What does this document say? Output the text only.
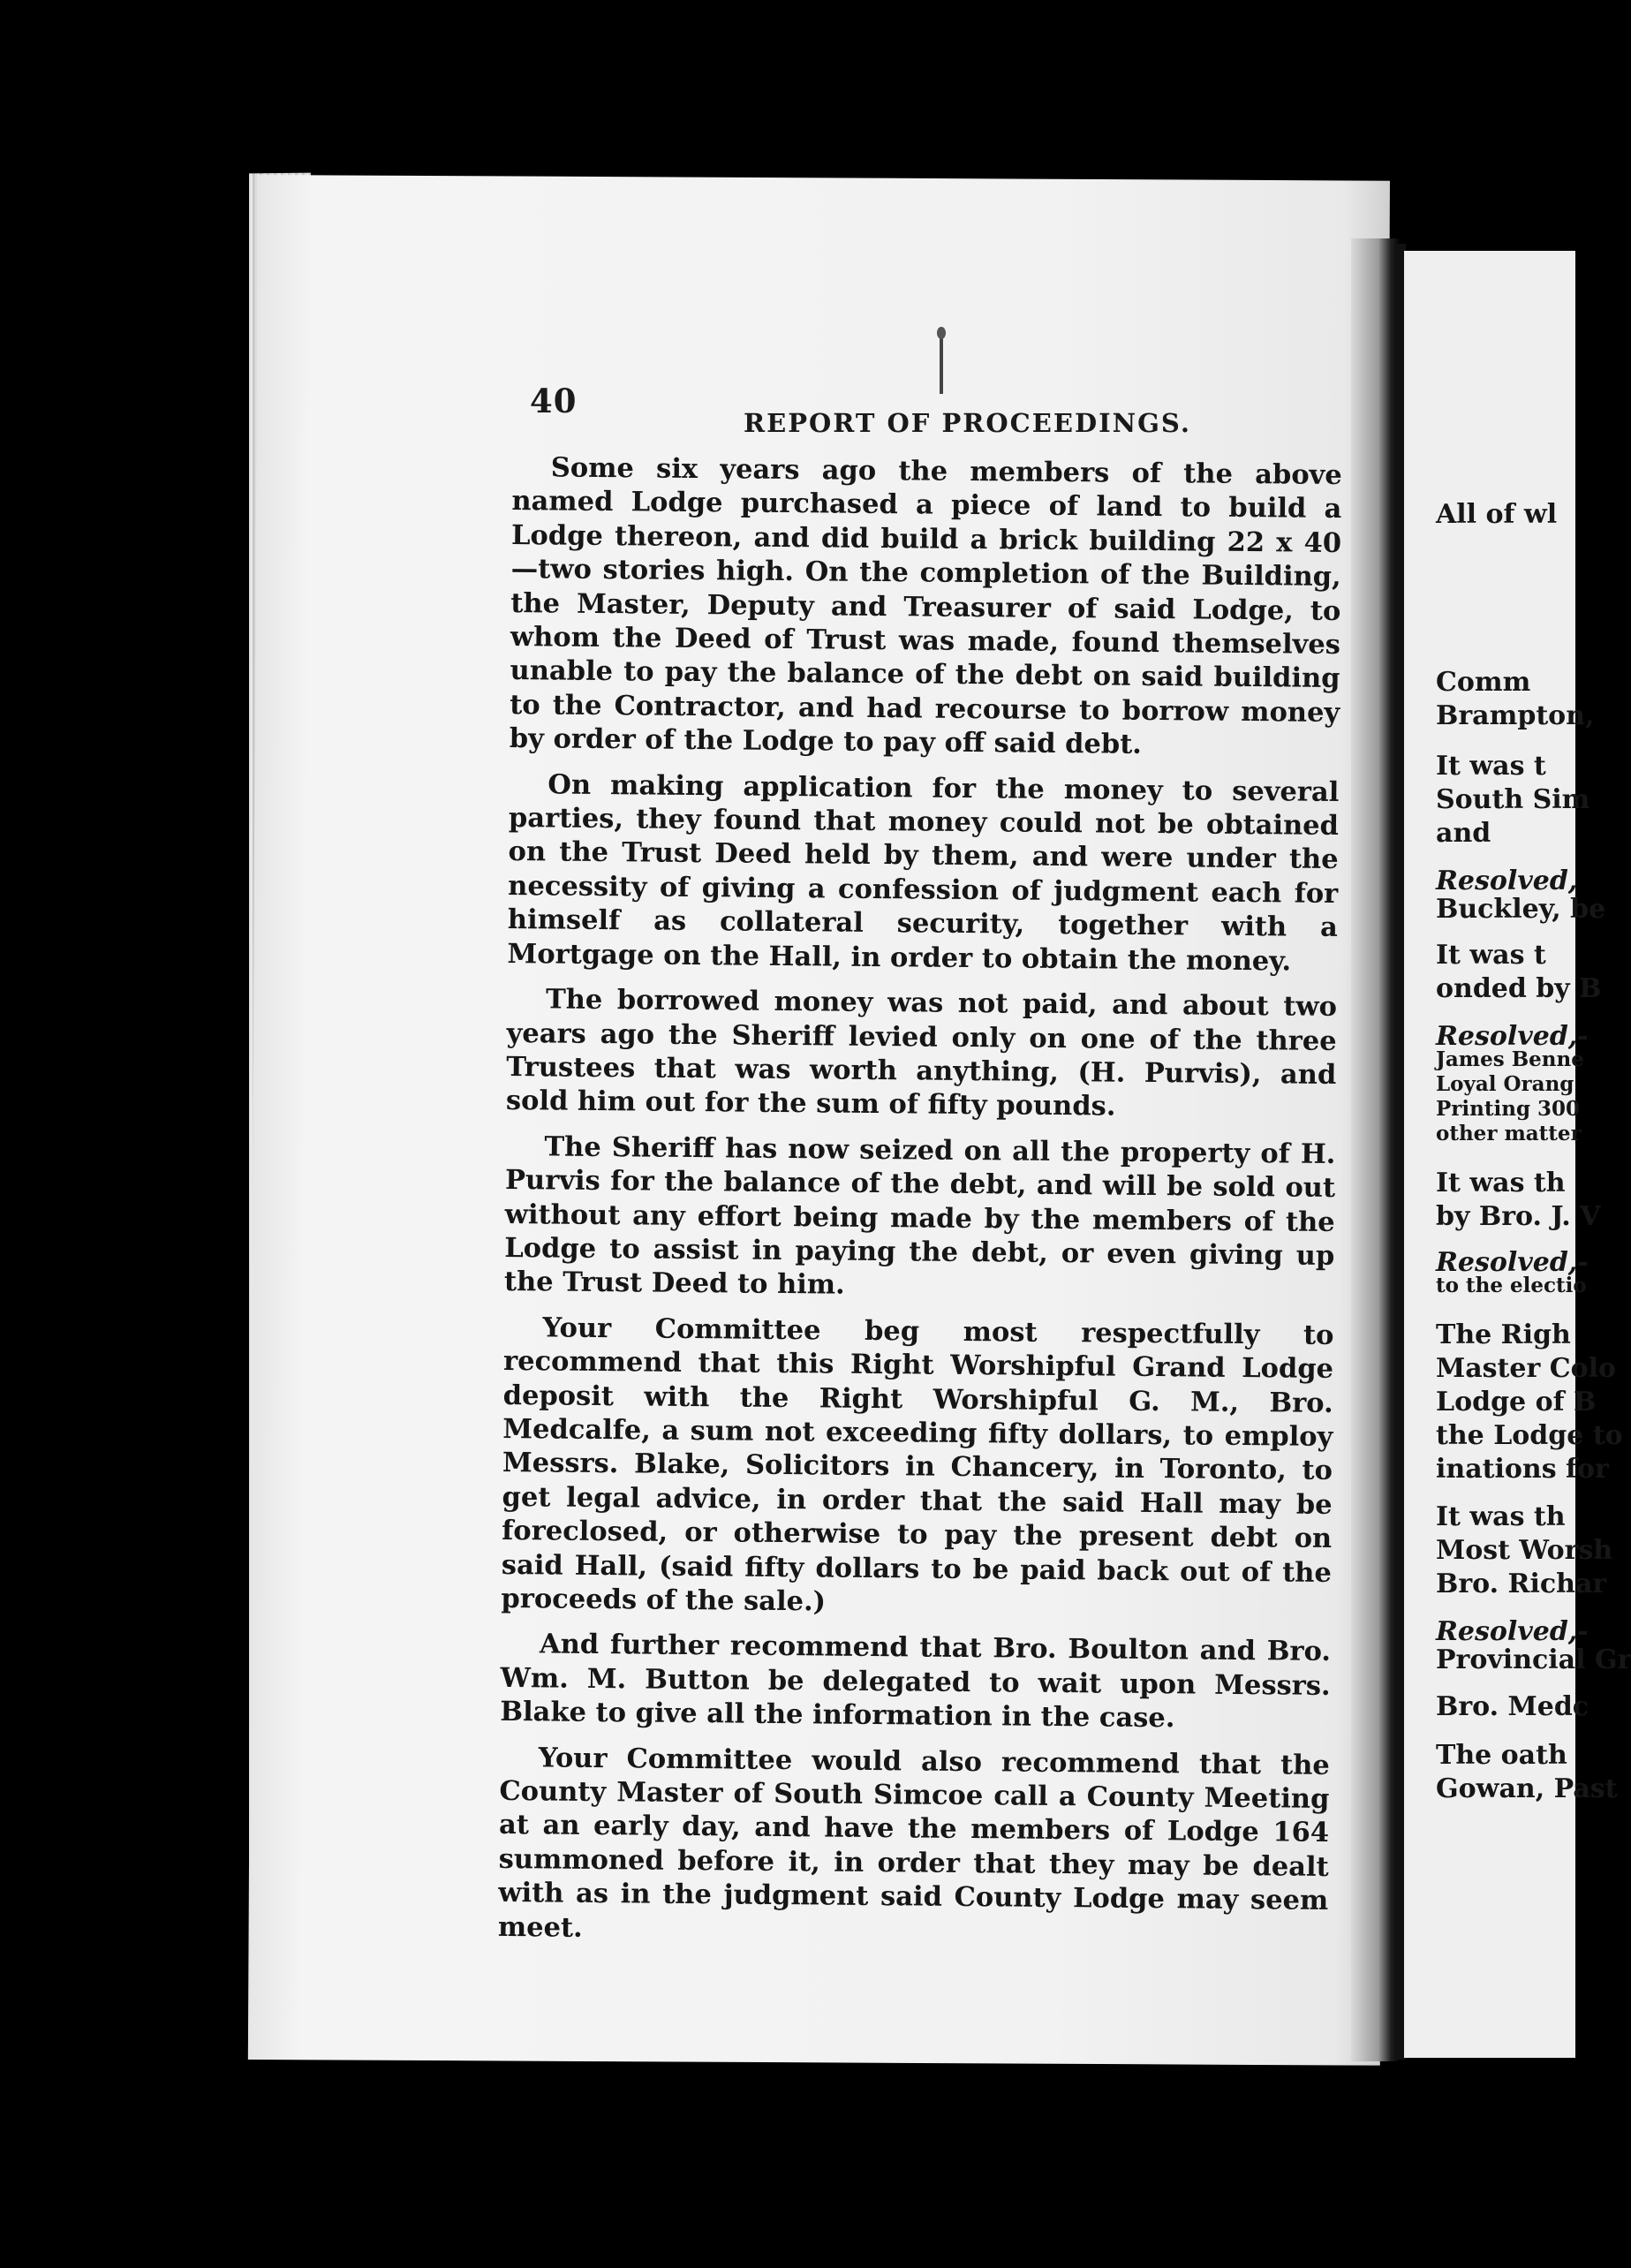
40
REPORT OF PROCEEDINGS.

Some six years ago the members of the above named Lodge purchased a piece of land to build a Lodge thereon, and did build a brick building 22 x 40—two stories high. On the completion of the Building, the Master, Deputy and Treasurer of said Lodge, to whom the Deed of Trust was made, found themselves unable to pay the balance of the debt on said building to the Contractor, and had recourse to borrow money by order of the Lodge to pay off said debt.

On making application for the money to several parties, they found that money could not be obtained on the Trust Deed held by them, and were under the necessity of giving a confession of judgment each for himself as collateral security, together with a Mortgage on the Hall, in order to obtain the money.

The borrowed money was not paid, and about two years ago the Sheriff levied only on one of the three Trustees that was worth anything, (H. Purvis), and sold him out for the sum of fifty pounds.

The Sheriff has now seized on all the property of H. Purvis for the balance of the debt, and will be sold out without any effort being made by the members of the Lodge to assist in paying the debt, or even giving up the Trust Deed to him.

Your Committee beg most respectfully to recommend that this Right Worshipful Grand Lodge deposit with the Right Worshipful G. M., Bro. Medcalfe, a sum not exceeding fifty dollars, to employ Messrs. Blake, Solicitors in Chancery, in Toronto, to get legal advice, in order that the said Hall may be foreclosed, or otherwise to pay the present debt on said Hall, (said fifty dollars to be paid back out of the proceeds of the sale.)

And further recommend that Bro. Boulton and Bro. Wm. M. Button be delegated to wait upon Messrs. Blake to give all the information in the case.

Your Committee would also recommend that the County Master of South Simcoe call a County Meeting at an early day, and have the members of Lodge 164 summoned before it, in order that they may be dealt with as in the judgment said County Lodge may seem meet.

All of wl
Comm
Brampton,
It was t
South Sim
and
Resolved,
Buckley, be
It was t
onded by B
Resolved,-
James Benne
Loyal Orang
Printing 300
other matter
It was th
by Bro. J. V
Resolved,-
to the electio
The Righ
Master Colo
Lodge of B
the Lodge to
inations for
It was th
Most Worsh
Bro. Richar
Resolved,-
Provincial Gr
Bro. Medc
The oath
Gowan, Past
